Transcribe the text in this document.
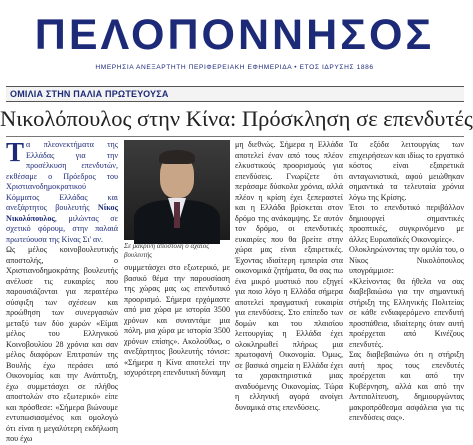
ΠΕΛΟΠΟΝΝΗΣΟΣ
ΗΜΕΡΗΣΙΑ ΑΝΕΞΑΡΤΗΤΗ ΠΕΡΙΦΕΡΕΙΑΚΗ ΕΦΗΜΕΡΙΔΑ • ΕΤΟΣ ΙΔΡΥΣΗΣ 1886
ΟΜΙΛΙΑ ΣΤΗΝ ΠΑΛΙΑ ΠΡΩΤΕΥΟΥΣΑ
Νικολόπουλος στην Κίνα: Πρόσκληση σε επενδυτές

Τα πλεονεκτήματα της Ελλάδας για την προσέλκυση επενδυτών, εκθέσαμε ο Πρόεδρος του Χριστιανοδημοκρατικού Κόμματος Ελλάδας και ανεξάρτητος βουλευτής Νίκος Νικολόπουλος, μιλώντας σε σχετικό φόρουμ, στην παλαιά πρωτεύουσα της Κίνας Σι' αν.

Ως μέλος κοινοβουλευτικής αποστολής, ο Χριστιανοδημοκράτης βουλευτής ανέλυσε τις ευκαιρίες που παρουσιάζονται για περαιτέρω σύσφιξη των σχέσεων και προώθηση των συνεργασιών μεταξύ των δύο χωρών «Είμαι μέλος του Ελληνικού Κοινοβουλίου 28 χρόνια και σαν μέλος διαφόρων Επιτροπών της Βουλής έχω περάσει από Οικονομίας και την Ανάπτυξη, έχω συμμετάσχει σε πλήθος αποστολών στο εξωτερικό» είπε και πρόσθεσε: «Σήμερα βιώνουμε εντυπωσιασμένος και ομολογώ ότι είναι η μεγαλύτερη εκδήλωση που έχω

Σε μακρινή αποστολή ο αχαιός βουλευτής

συμμετάσχει στο εξωτερικό, με βασικό θέμα την παρουσίαση της χώρας μας ως επενδυτικό προορισμό. Σήμερα ερχόμαστε από μια χώρα με ιστορία 3500 χρόνων και συναντάμε μια πόλη, μια χώρα με ιστορία 3500 χρόνων επίσης». Ακολούθως, ο ανεξάρτητος βουλευτής τόνισε: «Σήμερα η Κίνα αποτελεί την ισχυρότερη επενδυτική δύναμη

μη διεθνώς. Σήμερα η Ελλάδα αποτελεί έναν από τους πλέον ελκυστικούς προορισμούς για επενδύσεις. Γνωρίζετε ότι περάσαμε δύσκολα χρόνια, αλλά πλέον η κρίση έχει ξεπεραστεί και η Ελλάδα βρίσκεται στον δρόμο της ανάκαμψης. Σε αυτόν τον δρόμο, οι επενδυτικές ευκαιρίες που θα βρείτε στην χώρα μας είναι εξαιρετικές. Έχοντας ιδιαίτερη εμπειρία στα οικονομικά ζητήματα, θα σας πω ένα μικρό μυστικό που εξηγεί για ποιο λόγο η Ελλάδα σήμερα αποτελεί πραγματική ευκαιρία για επενδύσεις. Στο επίπεδο των δομών και του πλαισίου λειτουργίας η Ελλάδα έχει ολοκληρωθεί πλήρως μια πρωτοφανή Οικονομία. Όμως, σε βασικά σημεία η Ελλάδα έχει τα χαρακτηριστικά μιας αναδυόμενης Οικονομίας. Τώρα η ελληνική αγορά ανοίγει δυναμικά στις επενδύσεις.

Τα εξόδα λειτουργίας των επιχειρήσεων και ιδίως το εργατικό κόστος είναι εξαιρετικά ανταγωνιστικά, αφού μειώθηκαν σημαντικά τα τελευταία χρόνια λόγω της Κρίσης.

Έτσι το επενδυτικό περιβάλλον δημιουργεί σημαντικές προοπτικές, συγκρινόμενο με άλλες Ευρωπαϊκές Οικονομίες».

Ολοκληρώνοντας την ομιλία του, ο Νίκος Νικολόπουλος υπογράμμισε:

«Κλείνοντας θα ήθελα να σας διαβεβαιώσω για την σημαντική στήριξη της Ελληνικής Πολιτείας σε κάθε ενδιαφερόμενο επενδυτή προσπάθεια, ιδιαίτερης όταν αυτή προέρχεται από Κινέζους επενδυτές.

Σας διαβεβαιώνω ότι η στήριξη αυτή προς τους επενδυτές προέρχεται και από την Κυβέρνηση, αλλά και από την Αντιπολίτευση, δημιουργώντας μακροπρόθεσμα ασφάλεια για τις επενδύσεις σας».
